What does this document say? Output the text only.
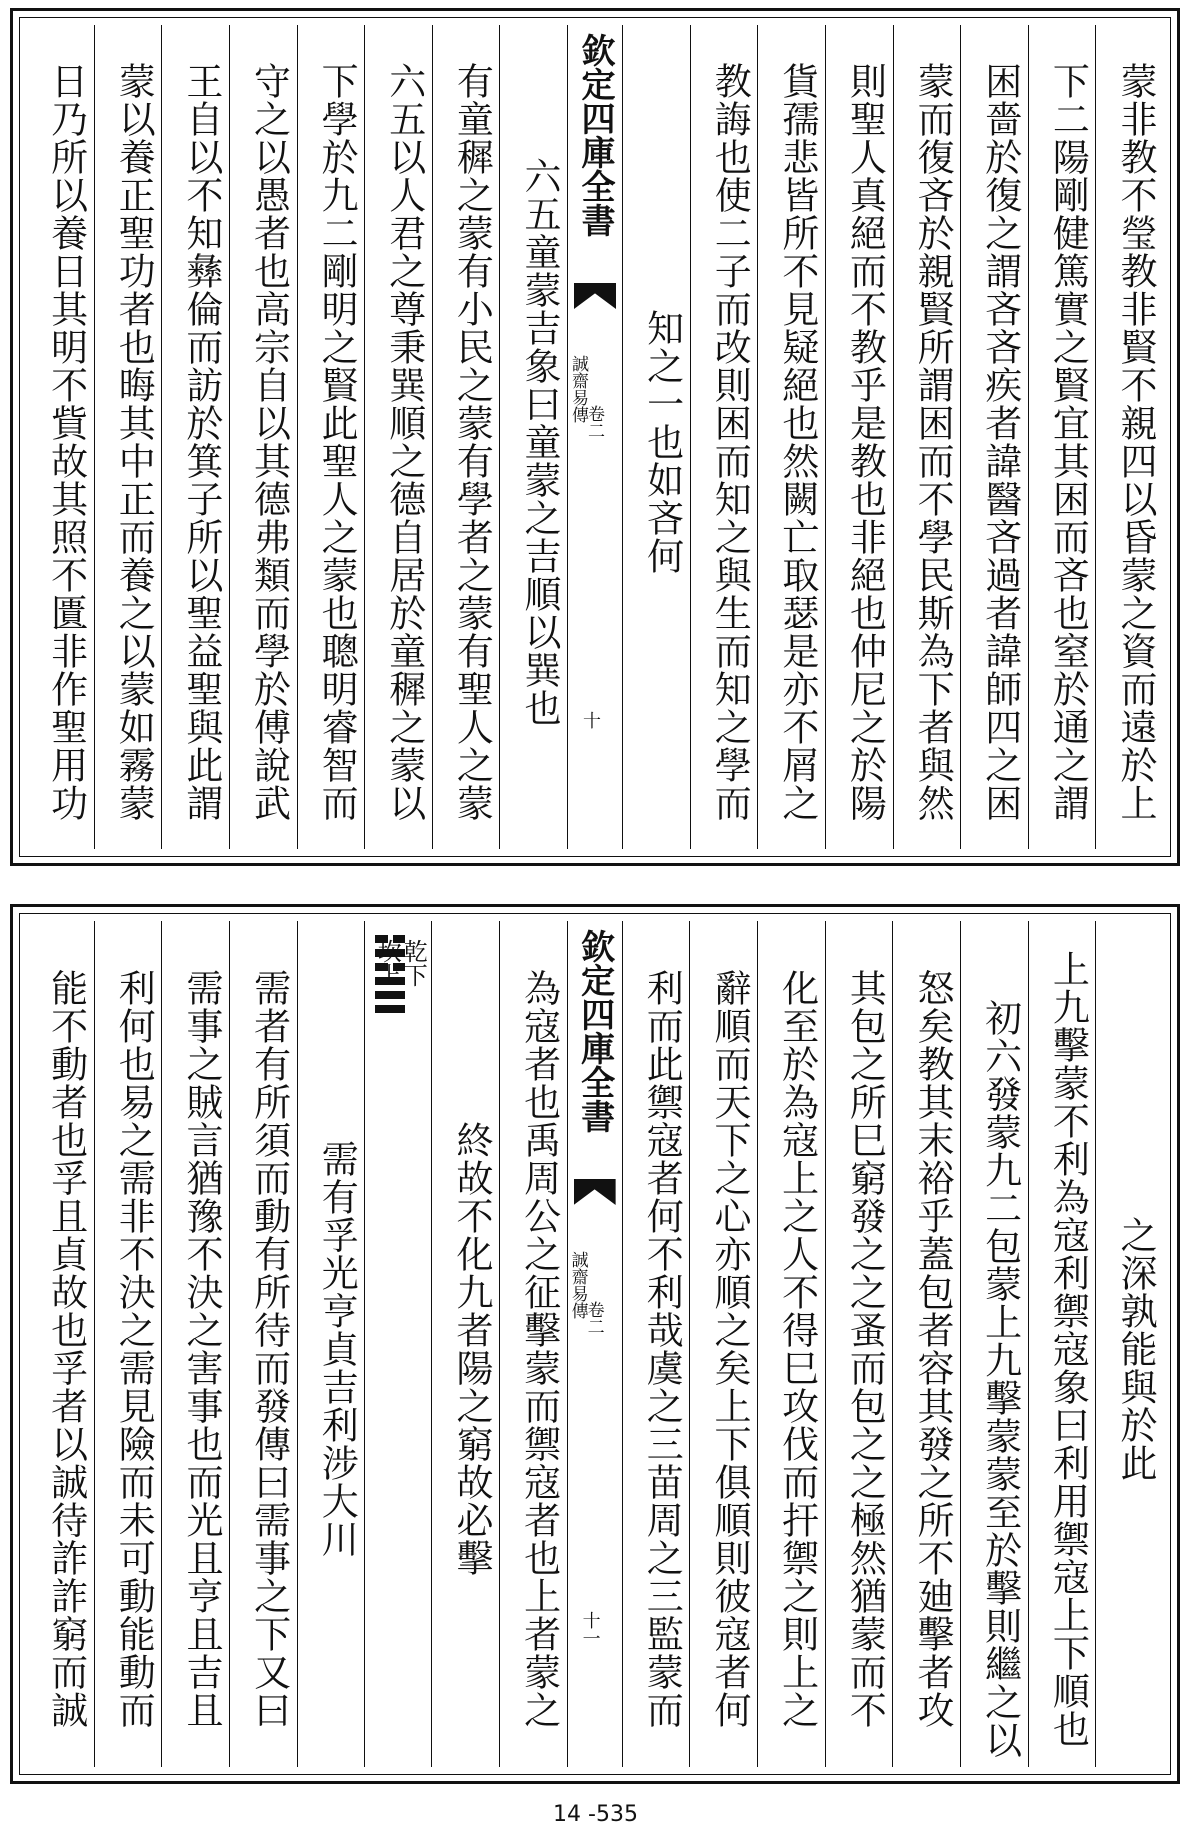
蒙非教不瑩教非賢不親四以昏蒙之資而遠於上
下二陽剛健篤實之賢宜其困而吝也窒於通之謂
困嗇於復之謂吝吝疾者諱醫吝過者諱師四之困
蒙而復吝於親賢所謂困而不學民斯為下者與然
則聖人真絕而不教乎是教也非絕也仲尼之於陽
貨孺悲皆所不見疑絕也然闕亡取瑟是亦不屑之
教誨也使二子而改則困而知之與生而知之學而
知之一也如吝何
欽定四庫全書
誠齋易傳
卷二
十
六五童蒙吉象曰童蒙之吉順以巽也
有童穉之蒙有小民之蒙有學者之蒙有聖人之蒙
六五以人君之尊秉巽順之德自居於童穉之蒙以
下學於九二剛明之賢此聖人之蒙也聰明睿智而
守之以愚者也高宗自以其德弗類而學於傅說武
王自以不知彝倫而訪於箕子所以聖益聖與此謂
蒙以養正聖功者也晦其中正而養之以蒙如霧蒙
日乃所以養日其明不貲故其照不匱非作聖用功
之深孰能與於此
上九擊蒙不利為寇利禦寇象曰利用禦寇上下順也
初六發蒙九二包蒙上九擊蒙蒙至於擊則繼之以
怒矣教其末裕乎蓋包者容其發之所不廸擊者攻
其包之所巳窮發之之蚤而包之之極然猶蒙而不
化至於為寇上之人不得巳攻伐而扞禦之則上之
辭順而天下之心亦順之矣上下俱順則彼寇者何
利而此禦寇者何不利哉虞之三苗周之三監蒙而
欽定四庫全書
誠齋易傳
卷二
十一
為寇者也禹周公之征擊蒙而禦寇者也上者蒙之
終故不化九者陽之窮故必擊
乾下
坎上
需有孚光亨貞吉利涉大川
需者有所須而動有所待而發傳曰需事之下又曰
需事之賊言猶豫不決之害事也而光且亨且吉且
利何也易之需非不決之需見險而未可動能動而
能不動者也孚且貞故也孚者以誠待詐詐窮而誠
14 -535
